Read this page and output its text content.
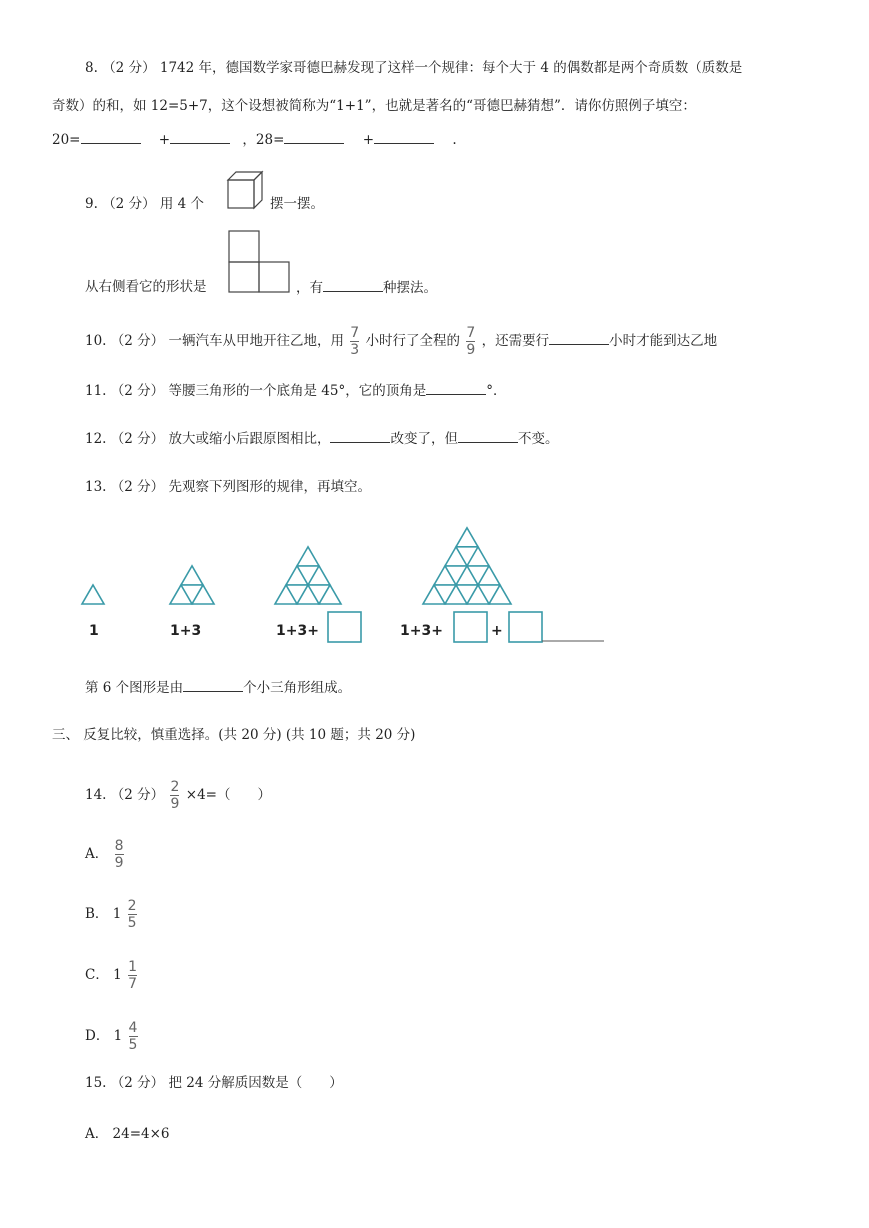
8. （2 分） 1742 年，德国数学家哥德巴赫发现了这样一个规律：每个大于 4 的偶数都是两个奇质数（质数是
奇数）的和，如 12=5+7，这个设想被简称为“1+1”，也就是著名的“哥德巴赫猜想”．请你仿照例子填空：
20=	+	，28=	+	.
9. （2 分） 用 4 个	摆一摆。
从右侧看它的形状是	，有	种摆法。
10. （2 分） 一辆汽车从甲地开往乙地，用 $\frac{7}{3}$ 小时行了全程的 $\frac{7}{9}$ ，还需要行	小时才能到达乙地
11. （2 分） 等腰三角形的一个底角是 45°，它的顶角是	°．
12. （2 分） 放大或缩小后跟原图相比，	改变了，但	不变。
13. （2 分） 先观察下列图形的规律，再填空。
1	1+3	1+3+	1+3+	+
第 6 个图形是由	个小三角形组成。
三、 反复比较，慎重选择。(共 20 分) (共 10 题；共 20 分)
14. （2 分） $\frac{2}{9} \times 4=$（　　）
A． $\frac{8}{9}$
B． $1 \frac{2}{5}$
C． $1 \frac{1}{7}$
D． $1 \frac{4}{5}$
15. （2 分） 把 24 分解质因数是（　　）
A． 24=4×6
